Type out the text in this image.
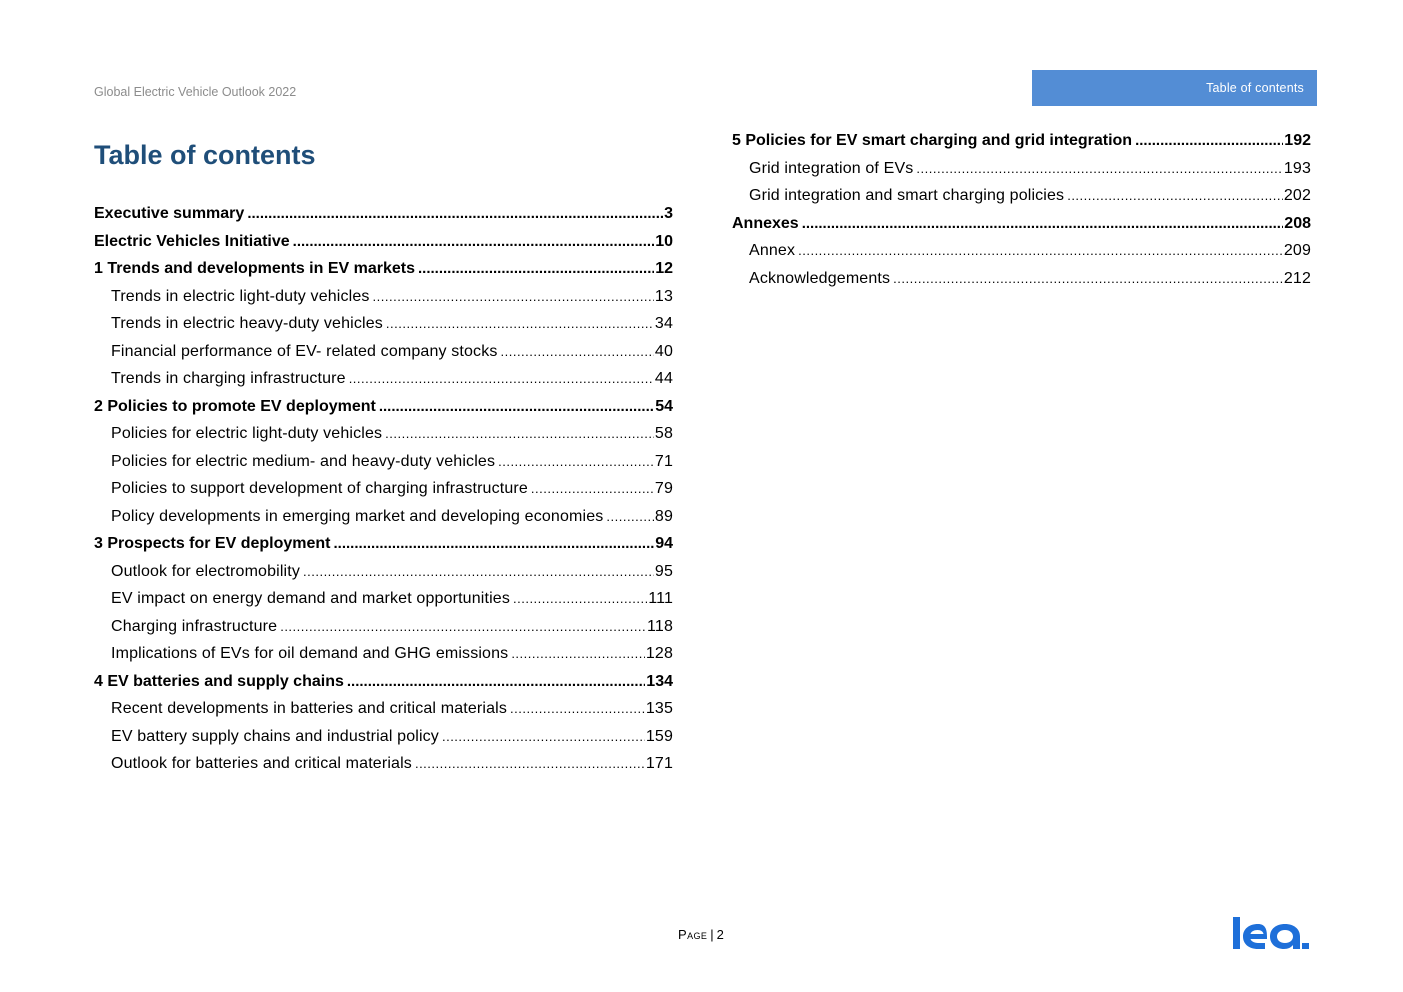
Global Electric Vehicle Outlook 2022	Table of contents
Table of contents
Executive summary .....	3
Electric Vehicles Initiative .....	10
1 Trends and developments in EV markets .....	12
Trends in electric light-duty vehicles .....	13
Trends in electric heavy-duty vehicles .....	34
Financial performance of EV- related company stocks .....	40
Trends in charging infrastructure .....	44
2 Policies to promote EV deployment .....	54
Policies for electric light-duty vehicles .....	58
Policies for electric medium- and heavy-duty vehicles .....	71
Policies to support development of charging infrastructure .....	79
Policy developments in emerging market and developing economies .....	89
3 Prospects for EV deployment .....	94
Outlook for electromobility .....	95
EV impact on energy demand and market opportunities .....	111
Charging infrastructure .....	118
Implications of EVs for oil demand and GHG emissions .....	128
4 EV batteries and supply chains .....	134
Recent developments in batteries and critical materials .....	135
EV battery supply chains and industrial policy .....	159
Outlook for batteries and critical materials .....	171
5 Policies for EV smart charging and grid integration .....	192
Grid integration of EVs .....	193
Grid integration and smart charging policies .....	202
Annexes .....	208
Annex .....	209
Acknowledgements .....	212
Page | 2
